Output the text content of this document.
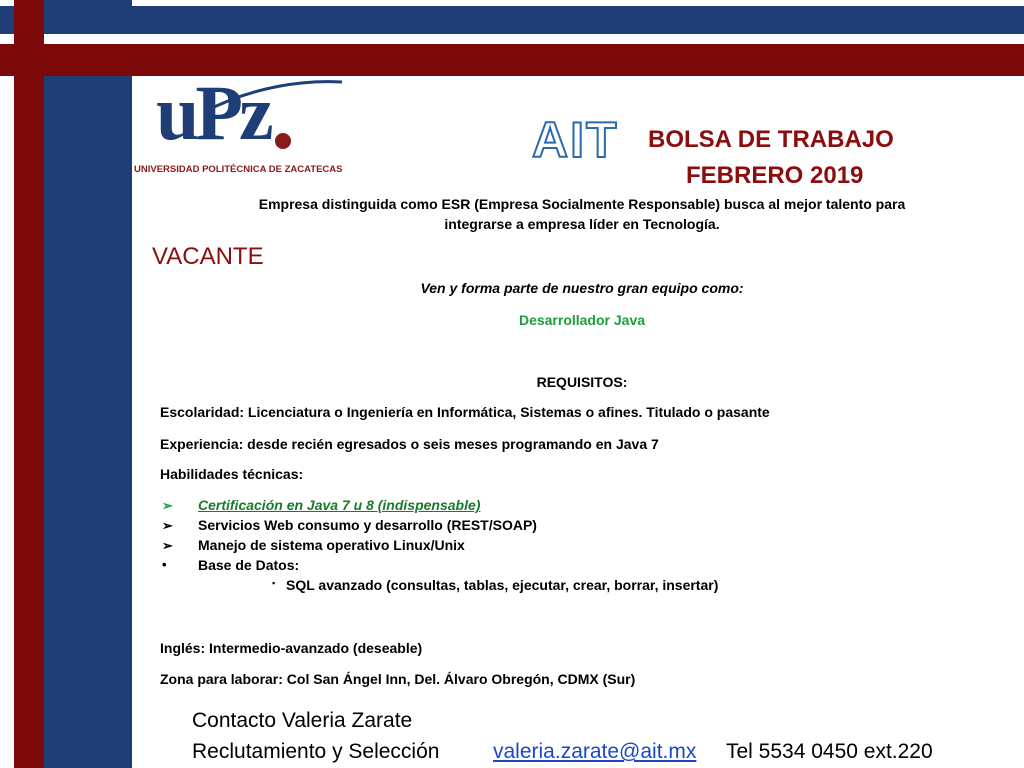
uPz
UNIVERSIDAD POLITÉCNICA DE ZACATECAS
AIT BOLSA DE TRABAJO
FEBRERO 2019
Empresa distinguida como ESR (Empresa Socialmente Responsable) busca al mejor talento para
integrarse a empresa líder en Tecnología.
VACANTE
Ven y forma parte de nuestro gran equipo como:
Desarrollador Java
REQUISITOS:
Escolaridad: Licenciatura o Ingeniería en Informática, Sistemas o afines. Titulado o pasante
Experiencia: desde recién egresados o seis meses programando en Java 7
Habilidades técnicas:
➢ Certificación en Java 7 u 8 (indispensable)
➢ Servicios Web consumo y desarrollo (REST/SOAP)
➢ Manejo de sistema operativo Linux/Unix
• Base de Datos:
▪ SQL avanzado (consultas, tablas, ejecutar, crear, borrar, insertar)
Inglés: Intermedio-avanzado (deseable)
Zona para laborar: Col San Ángel Inn, Del. Álvaro Obregón, CDMX (Sur)
Contacto Valeria Zarate
Reclutamiento y Selección	valeria.zarate@ait.mx Tel 5534 0450 ext.220
